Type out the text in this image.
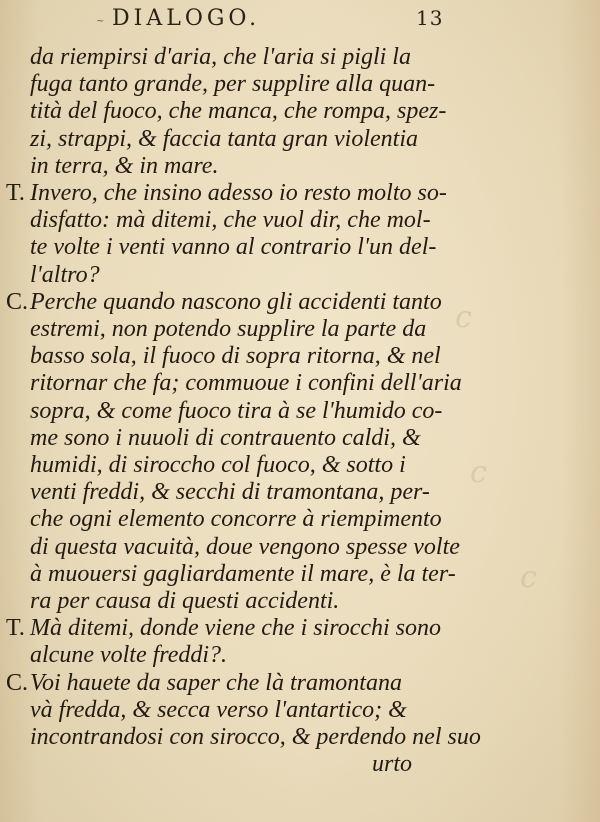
c
c
c
~ DIALOGO.	13
da riempirsi d'aria, che l'aria si pigli la
fuga tanto grande, per supplire alla quan-
tità del fuoco, che manca, che rompa, spez-
zi, strappi, & faccia tanta gran violentia
in terra, & in mare.
T. Invero, che insino adesso io resto molto so-
disfatto: mà ditemi, che vuol dir, che mol-
te volte i venti vanno al contrario l'un del-
l'altro?
C. Perche quando nascono gli accidenti tanto
estremi, non potendo supplire la parte da
basso sola, il fuoco di sopra ritorna, & nel
ritornar che fa; commuoue i confini dell'aria
sopra, & come fuoco tira à se l'humido co-
me sono i nuuoli di contrauento caldi, &
humidi, di siroccho col fuoco, & sotto i
venti freddi, & secchi di tramontana, per-
che ogni elemento concorre à riempimento
di questa vacuità, doue vengono spesse volte
à muouersi gagliardamente il mare, è la ter-
ra per causa di questi accidenti.
T. Mà ditemi, donde viene che i sirocchi sono
alcune volte freddi?.
C. Voi hauete da saper che là tramontana
và fredda, & secca verso l'antartico; &
incontrandosi con sirocco, & perdendo nel suo
urto
